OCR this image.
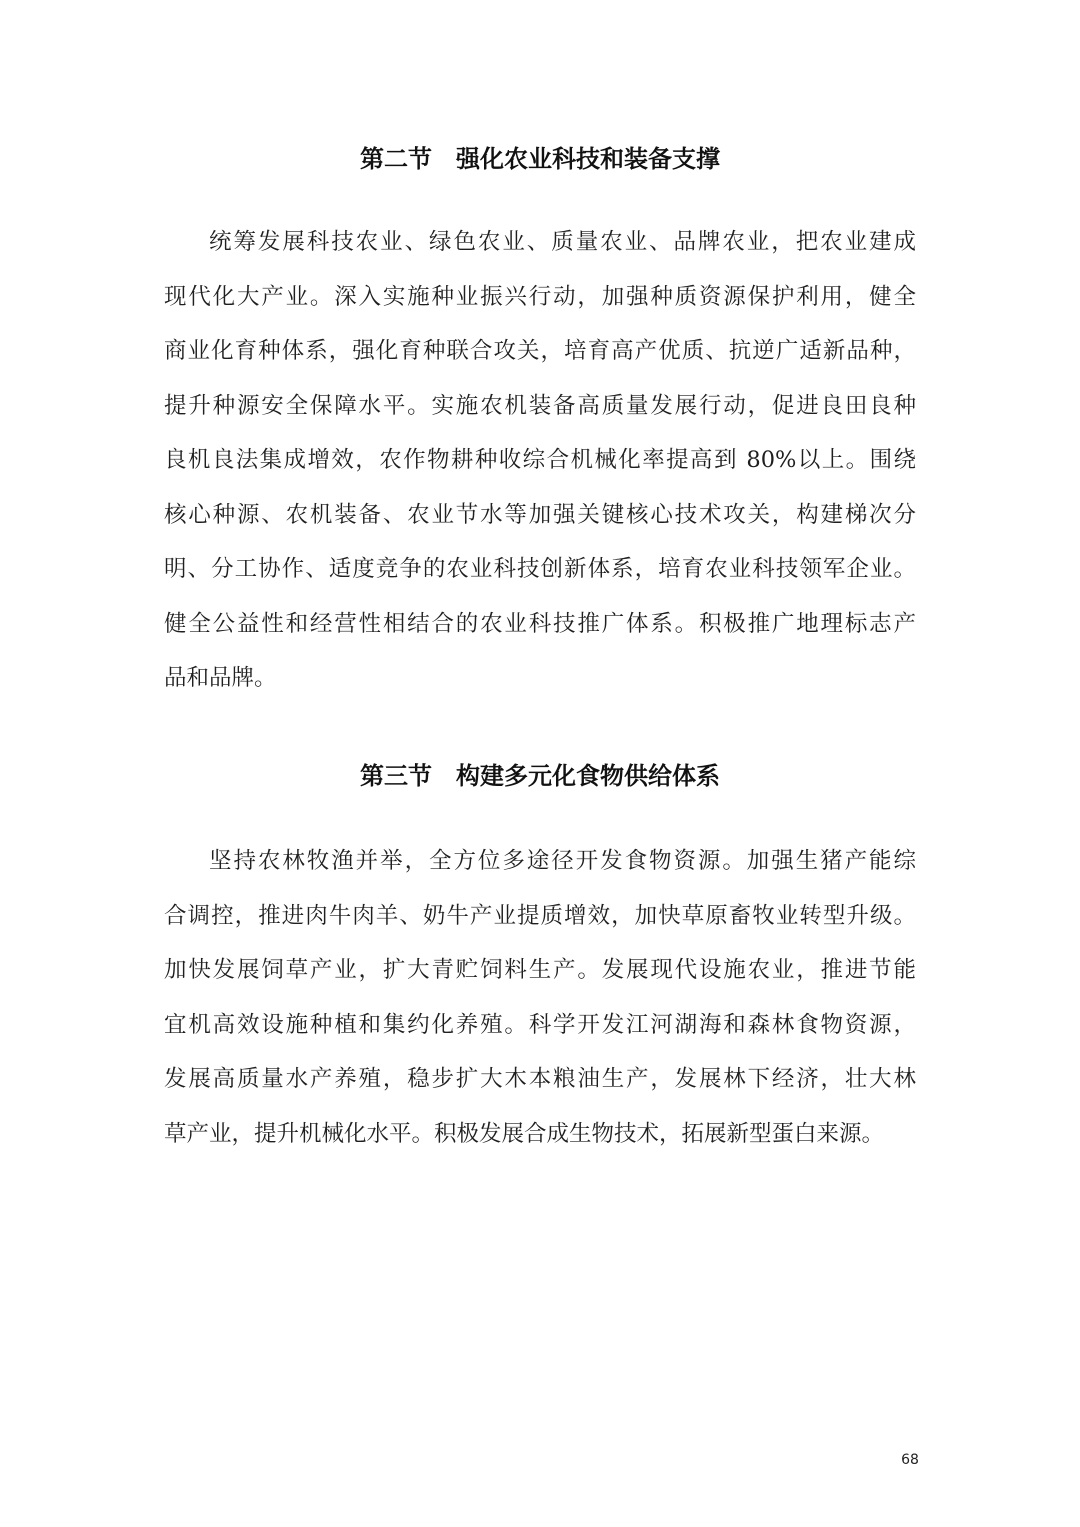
第二节　强化农业科技和装备支撑
统筹发展科技农业、绿色农业、质量农业、品牌农业，把农业建成
现代化大产业。深入实施种业振兴行动，加强种质资源保护利用，健全
商业化育种体系，强化育种联合攻关，培育高产优质、抗逆广适新品种，
提升种源安全保障水平。实施农机装备高质量发展行动，促进良田良种
良机良法集成增效，农作物耕种收综合机械化率提高到 80%以上。围绕
核心种源、农机装备、农业节水等加强关键核心技术攻关，构建梯次分
明、分工协作、适度竞争的农业科技创新体系，培育农业科技领军企业。
健全公益性和经营性相结合的农业科技推广体系。积极推广地理标志产
品和品牌。
第三节　构建多元化食物供给体系
坚持农林牧渔并举，全方位多途径开发食物资源。加强生猪产能综
合调控，推进肉牛肉羊、奶牛产业提质增效，加快草原畜牧业转型升级。
加快发展饲草产业，扩大青贮饲料生产。发展现代设施农业，推进节能
宜机高效设施种植和集约化养殖。科学开发江河湖海和森林食物资源，
发展高质量水产养殖，稳步扩大木本粮油生产，发展林下经济，壮大林
草产业，提升机械化水平。积极发展合成生物技术，拓展新型蛋白来源。
68
